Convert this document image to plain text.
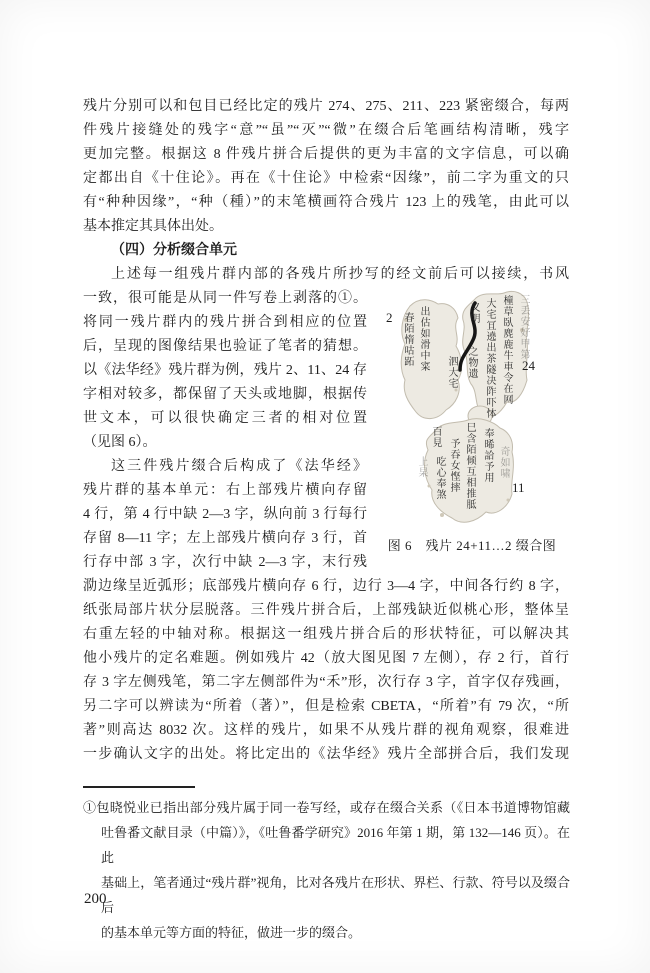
残片分别可以和包目已经比定的残片 274、275、211、223 紧密缀合，每两
件残片接缝处的残字“意”“虽”“灭”“微”在缀合后笔画结构清晰，残字
更加完整。根据这 8 件残片拼合后提供的更为丰富的文字信息，可以确
定都出自《十住论》。再在《十住论》中检索“因缘”，前二字为重文的只
有“种种因缘”，“种（種）”的末笔横画符合残片 123 上的残笔，由此可以
基本推定其具体出处。
（四）分析缀合单元
上述每一组残片群内部的各残片所抄写的经文前后可以接续，书风
一致，很可能是从同一件写卷上剥落的①。
将同一残片群内的残片拼合到相应的位置
后，呈现的图像结果也验证了笔者的猜想。
以《法华经》残片群为例，残片 2、11、24 存
字相对较多，都保留了天头或地脚，根据传
世文本，可以很快确定三者的相对位置
（见图 6）。
这三件残片缀合后构成了《法华经》
残片群的基本单元：右上部残片横向存留
4 行，第 4 行中缺 2—3 字，纵向前 3 行每行
存留 8—11 字；左上部残片横向存 3 行，首
行存中部 3 字，次行中缺 2—3 字，末行残
泐边缘呈近弧形；底部残片横向存 6 行，边行 3—4 字，中间各行约 8 字，
纸张局部片状分层脱落。三件残片拼合后，上部残缺近似桃心形，整体呈
右重左轻的中轴对称。根据这一组残片拼合后的形状特征，可以解决其
他小残片的定名难题。例如残片 42（放大图见图 7 左侧），存 2 行，首行
存 3 字左侧残笔，第二字左侧部件为“禾”形，次行存 3 字，首字仅存残画，
另二字可以辨读为“所着（著）”，但是检索 CBETA，“所着”有 79 次，“所
著”则高达 8032 次。这样的残片，如果不从残片群的视角观察，很难进
一步确认文字的出处。将比定出的《法华经》残片全部拼合后，我们发现
春陌惰咕跖 出估如滑中寀
泗大宅
又明
之物遗 大宅冝遶出茶隧决阼吓㤓 橦草臥麂鹿牛車令在网 三丢安好甲第
上杲
百見
吃心奉煞 予吞女悭摔 巳含陌倾互相推胝 奉晞詥予用 奇如啸
2
24
11
图 6　残片 24+11…2 缀合图
①包晓悦业已指出部分残片属于同一卷写经，或存在缀合关系（《日本书道博物馆藏
吐鲁番文献目录（中篇）》，《吐鲁番学研究》2016 年第 1 期，第 132—146 页）。在此
基础上，笔者通过“残片群”视角，比对各残片在形状、界栏、行款、符号以及缀合后
的基本单元等方面的特征，做进一步的缀合。
200
